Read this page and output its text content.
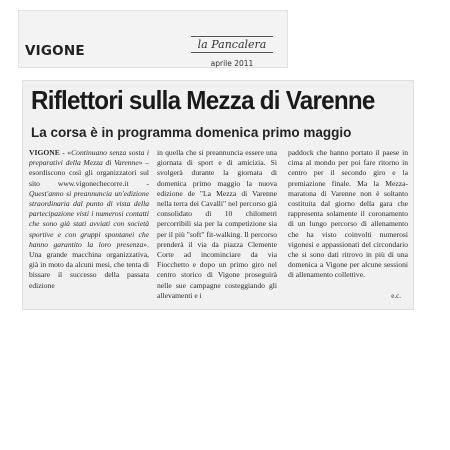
VIGONE	la Pancalera
aprile 2011
Riflettori sulla Mezza di Varenne
La corsa è in programma domenica primo maggio
VIGONE - «Continuano senza sosta i preparativi della Mezza di Varenne» – esordiscono così gli organizzatori sul sito www.vigonechecorre.it - Quest'anno si preannuncia un'edizione straordinaria dal punto di vista della partecipazione visti i numerosi contatti che sono già stati avviati con società sportive e con gruppi spontanei che hanno garantito la loro presenza». Una grande macchina organizzativa, già in moto da alcuni mesi, che tenta di bissare il successo della passata edizione
in quella che si preannuncia essere una giornata di sport e di amicizia. Si svolgerà durante la giornata di domenica primo maggio la nuova edizione de "La Mezza di Varenne nella terra dei Cavalli" nel percorso già consolidato di 10 chilometri percorribili sia per la competizione sia per il più "soft" fit-walking. Il percorso prenderà il via da piazza Clemente Corte ad incominciare da via Fiocchetto e dopo un primo giro nel centro storico di Vigone proseguirà nelle sue campagne costeggiando gli allevamenti e i
paddock che hanno portato il paese in cima al mondo per poi fare ritorno in centro per il secondo giro e la premiazione finale. Ma la Mezza-maratona di Varenne non è soltanto costituita dal giorno della gara che rappresenta solamente il coronamento di un lungo percorso di allenamento che ha visto coinvolti numerosi vigonesi e appassionati del circondario che si sono dati ritrovo in più di una domenica a Vigone per alcune sessioni di allenamento collettive.
e.c.
